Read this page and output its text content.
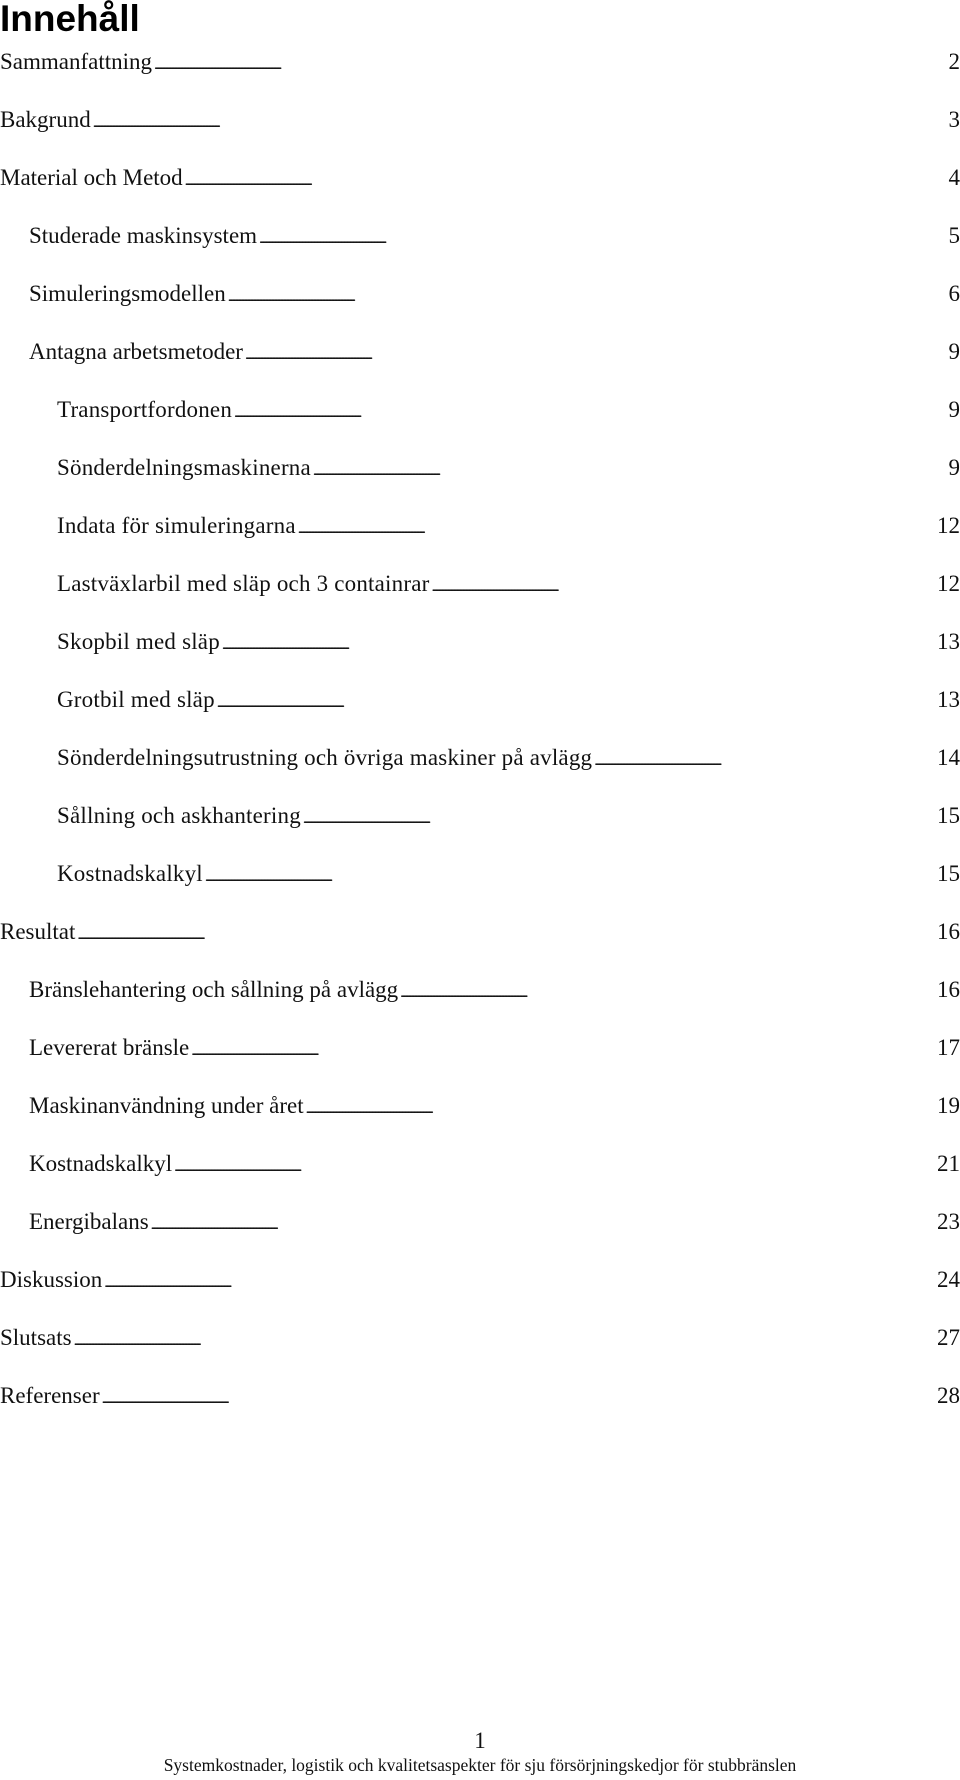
Innehåll
Sammanfattning . . .	2
Bakgrund . . .	3
Material och Metod . . .	4
Studerade maskinsystem . . .	5
Simuleringsmodellen . . .	6
Antagna arbetsmetoder . . .	9
Transportfordonen . . .	9
Sönderdelningsmaskinerna . . .	9
Indata för simuleringarna . . .	12
Lastväxlarbil med släp och 3 containrar . . .	12
Skopbil med släp . . .	13
Grotbil med släp . . .	13
Sönderdelningsutrustning och övriga maskiner på avlägg . . .	14
Sållning och askhantering . . .	15
Kostnadskalkyl . . .	15
Resultat . . .	16
Bränslehantering och sållning på avlägg . . .	16
Levererat bränsle . . .	17
Maskinanvändning under året . . .	19
Kostnadskalkyl . . .	21
Energibalans . . .	23
Diskussion . . .	24
Slutsats . . .	27
Referenser . . .	28
1
Systemkostnader, logistik och kvalitetsaspekter för sju försörjningskedjor för stubbränslen
